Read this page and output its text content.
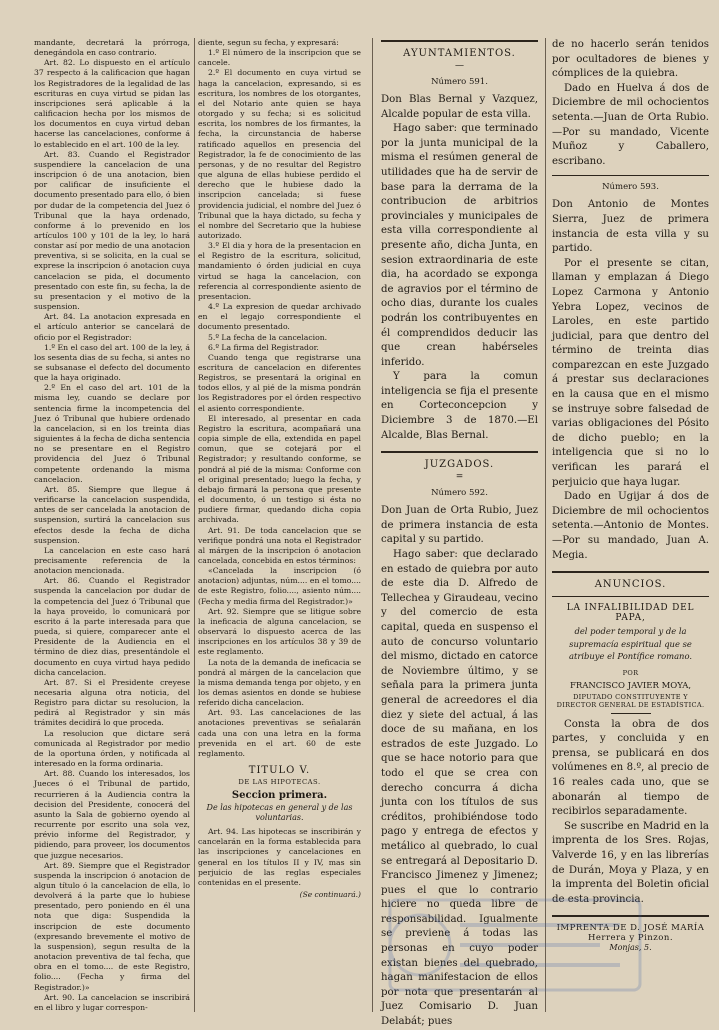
mandante, decretará la prórroga, denegándola en caso contrario.

Art. 82. Lo dispuesto en el artículo 37 respecto á la calificacion que hagan los Registradores de la legalidad de las escrituras en cuya virtud se pidan las inscripciones será aplicable á la calificacion hecha por los mismos de los documentos en cuya virtud deban hacerse las cancelaciones, conforme á lo establecido en el art. 100 de la ley.

Art. 83. Cuando el Registrador suspendiere la cancelacion de una inscripcion ó de una anotacion, bien por calificar de insuficiente el documento presentado para ello, ó bien por dudar de la competencia del Juez ó Tribunal que la haya ordenado, conforme á lo prevenido en los artículos 100 y 101 de la ley, lo hará constar así por medio de una anotacion preventiva, si se solicita, en la cual se exprese la inscripcion ó anotacion cuya cancelacion se pida, el documento presentado con este fin, su fecha, la de su presentacion y el motivo de la suspension.

Art. 84. La anotacion expresada en el artículo anterior se cancelará de oficio por el Registrador:

1.º En el caso del art. 100 de la ley, á los sesenta dias de su fecha, si antes no se subsanase el defecto del documento que la haya originado.

2.º En el caso del art. 101 de la misma ley, cuando se declare por sentencia firme la incompetencia del Juez ó Tribunal que hubiere ordenado la cancelacion, si en los treinta dias siguientes á la fecha de dicha sentencia no se presentare en el Registro providencia del Juez ó Tribunal competente ordenando la misma cancelacion.

Art. 85. Siempre que llegue á verificarse la cancelacion suspendida, antes de ser cancelada la anotacion de suspension, surtirá la cancelacion sus efectos desde la fecha de dicha suspension.

La cancelacion en este caso hará precisamente referencia de la anotacion mencionada.

Art. 86. Cuando el Registrador suspenda la cancelacion por dudar de la competencia del Juez ó Tribunal que la haya proveido, lo comunicará por escrito á la parte interesada para que pueda, si quiere, comparecer ante el Presidente de la Audiencia en el término de diez dias, presentándole el documento en cuya virtud haya pedido dicha cancelacion.

Art. 87. Si el Presidente creyese necesaria alguna otra noticia, del Registro para dictar su resolucion, la pedirá al Registrador y sin más trámites decidirá lo que proceda.

La resolucion que dictare será comunicada al Registrador por medio de la oportuna órden, y notificada al interesado en la forma ordinaria.

Art. 88. Cuando los interesados, los Jueces ó el Tribunal de partido, recurrieren á la Audiencia contra la decision del Presidente, conocerá del asunto la Sala de gobierno oyendo al recurrente por escrito una sola vez, prévio informe del Registrador, y pidiendo, para proveer, los documentos que juzgue necesarios.

Art. 89. Siempre que el Registrador suspenda la inscripcion ó anotacion de algun título ó la cancelacion de ella, lo devolverá á la parte que lo hubiese presentado, pero poniendo en él una nota que diga: Suspendida la inscripcion de este documento (expresando brevemente el motivo de la suspension), segun resulta de la anotacion preventiva de tal fecha, que obra en el tomo.... de este Registro, folio.... (Fecha y firma del Registrador.)»

Art. 90. La cancelacion se inscribirá en el libro y lugar correspon-

diente, segun su fecha, y expresará:

1.º El número de la inscripcion que se cancele.

2.º El documento en cuya virtud se haga la cancelacion, expresando, si es escritura, los nombres de los otorgantes, el del Notario ante quien se haya otorgado y su fecha; si es solicitud escrita, los nombres de los firmantes, la fecha, la circunstancia de haberse ratificado aquellos en presencia del Registrador, la fe de conocimiento de las personas, y de no resultar del Registro que alguna de ellas hubiese perdido el derecho que le hubiese dado la inscripcion cancelada; si fuese providencia judicial, el nombre del Juez ó Tribunal que la haya dictado, su fecha y el nombre del Secretario que la hubiese autorizado.

3.º El dia y hora de la presentacion en el Registro de la escritura, solicitud, mandamiento ó órden judicial en cuya virtud se haga la cancelacion, con referencia al correspondiente asiento de presentacion.

4.º La expresion de quedar archivado en el legajo correspondiente el documento presentado.

5.º La fecha de la cancelacion.

6.º La firma del Registrador.

Cuando tenga que registrarse una escritura de cancelacion en diferentes Registros, se presentará la original en todos ellos, y al pié de la misma pondrán los Registradores por el órden respectivo el asiento correspondiente.

El interesado, al presentar en cada Registro la escritura, acompañará una copia simple de ella, extendida en papel comun, que se cotejará por el Registrador; y resultando conforme, se pondrá al pié de la misma: Conforme con el original presentado; luego la fecha, y debajo firmará la persona que presente el documento, ó un testigo si ésta no pudiere firmar, quedando dicha copia archivada.

Art. 91. De toda cancelacion que se verifique pondrá una nota el Registrador al márgen de la inscripcion ó anotacion cancelada, concebida en estos términos:

«Cancelada la inscripcion (ó anotacion) adjuntas, núm.... en el tomo.... de este Registro, folio...., asiento núm.... (Fecha y media firma del Registrador.)»

Art. 92. Siempre que se litigue sobre la ineficacia de alguna cancelacion, se observará lo dispuesto acerca de las inscripciones en los artículos 38 y 39 de este reglamento.

La nota de la demanda de ineficacia se pondrá al márgen de la cancelacion que la misma demanda tenga por objeto, y en los demas asientos en donde se hubiese referido dicha cancelacion.

Art. 93. Las cancelaciones de las anotaciones preventivas se señalarán cada una con una letra en la forma prevenida en el art. 60 de este reglamento.

TITULO V.
DE LAS HIPOTECAS.
Seccion primera.
De las hipotecas en general y de las voluntarias.

Art. 94. Las hipotecas se inscribirán y cancelarán en la forma establecida para las inscripciones y cancelaciones en general en los títulos II y IV, mas sin perjuicio de las reglas especiales contenidas en el presente.

(Se continuará.)
AYUNTAMIENTOS.
—
Número 591.

Don Blas Bernal y Vazquez, Alcalde popular de esta villa.

Hago saber: que terminado por la junta municipal de la misma el resúmen general de utilidades que ha de servir de base para la derrama de la contribucion de arbitrios provinciales y municipales de esta villa correspondiente al presente año, dicha Junta, en sesion extraordinaria de este dia, ha acordado se exponga de agravios por el término de ocho dias, durante los cuales podrán los contribuyentes en él comprendidos deducir las que crean habérseles inferido.

Y para la comun inteligencia se fija el presente en Corteconcepcion y Diciembre 3 de 1870.—El Alcalde, Blas Bernal.

JUZGADOS.
=
Número 592.

Don Juan de Orta Rubio, Juez de primera instancia de esta capital y su partido.

Hago saber: que declarado en estado de quiebra por auto de este dia D. Alfredo de Tellechea y Giraudeau, vecino y del comercio de esta capital, queda en suspenso el auto de concurso voluntario del mismo, dictado en catorce de Noviembre último, y se señala para la primera junta general de acreedores el dia diez y siete del actual, á las doce de su mañana, en los estrados de este Juzgado. Lo que se hace notorio para que todo el que se crea con derecho concurra á dicha junta con los títulos de sus créditos, prohibiéndose todo pago y entrega de efectos y metálico al quebrado, lo cual se entregará al Depositario D. Francisco Jimenez y Jimenez; pues el que lo contrario hiciere no queda libre de responsabilidad. Igualmente se previene á todas las personas en cuyo poder existan bienes del quebrado, hagan manifestacion de ellos por nota que presentarán al Juez Comisario D. Juan Delabát; pues

de no hacerlo serán tenidos por ocultadores de bienes y cómplices de la quiebra.

Dado en Huelva á dos de Diciembre de mil ochocientos setenta.—Juan de Orta Rubio.—Por su mandado, Vicente Muñoz y Caballero, escribano.

Número 593.

Don Antonio de Montes Sierra, Juez de primera instancia de esta villa y su partido.

Por el presente se citan, llaman y emplazan á Diego Lopez Carmona y Antonio Yebra Lopez, vecinos de Laroles, en este partido judicial, para que dentro del término de treinta dias comparezcan en este Juzgado á prestar sus declaraciones en la causa que en el mismo se instruye sobre falsedad de varias obligaciones del Pósito de dicho pueblo; en la inteligencia que si no lo verifican les parará el perjuicio que haya lugar.

Dado en Ugijar á dos de Diciembre de mil ochocientos setenta.—Antonio de Montes.—Por su mandado, Juan A. Megia.

ANUNCIOS.
LA INFALIBILIDAD DEL PAPA,
del poder temporal y de la supremacía espiritual que se atribuye el Pontífice romano.
POR
FRANCISCO JAVIER MOYA,
DIPUTADO CONSTITUYENTE Y DIRECTOR GENERAL DE ESTADÍSTICA.

Consta la obra de dos partes, y concluida y en prensa, se publicará en dos volúmenes en 8.º, al precio de 16 reales cada uno, que se abonarán al tiempo de recibirlos separadamente.

Se suscribe en Madrid en la imprenta de los Sres. Rojas, Valverde 16, y en las librerías de Durán, Moya y Plaza, y en la imprenta del Boletin oficial de esta provincia.

IMPRENTA DE D. JOSÉ MARÍA Herrera y Pinzon.
Monjas, 5.
